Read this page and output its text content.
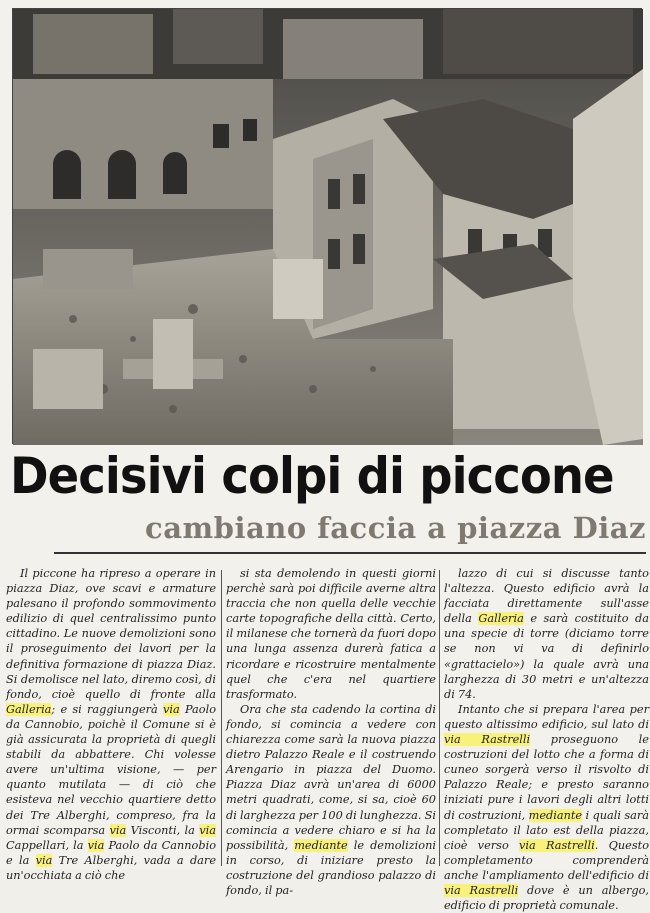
Decisivi colpi di piccone
cambiano faccia a piazza Diaz
Il piccone ha ripreso a operare in piazza Diaz, ove scavi e armature palesano il profondo sommovimento edilizio di quel centralissimo punto cittadino. Le nuove demolizioni sono il proseguimento dei lavori per la definitiva formazione di piazza Diaz. Si demolisce nel lato, diremo così, di fondo, cioè quello di fronte alla Galleria; e si raggiungerà via Paolo da Cannobio, poichè il Comune si è già assicurata la proprietà di quegli stabili da abbattere. Chi volesse avere un'ultima visione, — per quanto mutilata — di ciò che esisteva nel vecchio quartiere detto dei Tre Alberghi, compreso, fra la ormai scomparsa via Visconti, la via Cappellari, la via Paolo da Cannobio e la via Tre Alberghi, vada a dare un'occhiata a ciò che
si sta demolendo in questi giorni perchè sarà poi difficile averne altra traccia che non quella delle vecchie carte topografiche della città. Certo, il milanese che tornerà da fuori dopo una lunga assenza durerà fatica a ricordare e ricostruire mentalmente quel che c'era nel quartiere trasformato.
Ora che sta cadendo la cortina di fondo, si comincia a vedere con chiarezza come sarà la nuova piazza dietro Palazzo Reale e il costruendo Arengario in piazza del Duomo. Piazza Diaz avrà un'area di 6000 metri quadrati, come, si sa, cioè 60 di larghezza per 100 di lunghezza. Si comincia a vedere chiaro e si ha la possibilità, mediante le demolizioni in corso, di iniziare presto la costruzione del grandioso palazzo di fondo, il pa-
lazzo di cui si discusse tanto l'altezza. Questo edificio avrà la facciata direttamente sull'asse della Galleria e sarà costituito da una specie di torre (diciamo torre se non vi va di definirlo «grattacielo») la quale avrà una larghezza di 30 metri e un'altezza di 74.
Intanto che si prepara l'area per questo altissimo edificio, sul lato di via Rastrelli proseguono le costruzioni del lotto che a forma di cuneo sorgerà verso il risvolto di Palazzo Reale; e presto saranno iniziati pure i lavori degli altri lotti di costruzioni, mediante i quali sarà completato il lato est della piazza, cioè verso via Rastrelli. Questo completamento comprenderà anche l'ampliamento dell'edificio di via Rastrelli dove è un albergo, edificio di proprietà comunale.
